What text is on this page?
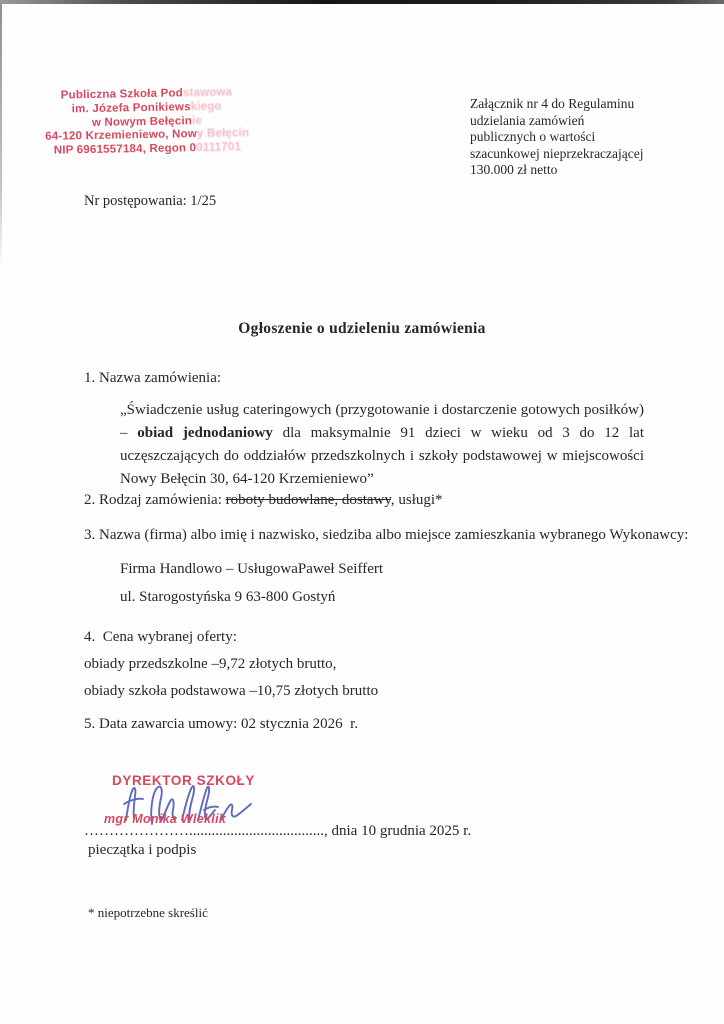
Publiczna Szkoła Podstawowa
im. Józefa Ponikiewskiego
w Nowym Bełęcinie
64-120 Krzemieniewo, Nowy Bełęcin
NIP 6961557184, Regon 00111701
Załącznik nr 4 do Regulaminu
udzielania zamówień
publicznych o wartości
szacunkowej nieprzekraczającej
130.000 zł netto
Nr postępowania: 1/25
Ogłoszenie o udzieleniu zamówienia
1. Nazwa zamówienia:
„Świadczenie usług cateringowych (przygotowanie i dostarczenie gotowych posiłków) – obiad jednodaniowy dla maksymalnie 91 dzieci w wieku od 3 do 12 lat uczęszczających do oddziałów przedszkolnych i szkoły podstawowej w miejscowości Nowy Bełęcin 30, 64-120 Krzemieniewo”
2. Rodzaj zamówienia: roboty budowlane, dostawy, usługi*
3. Nazwa (firma) albo imię i nazwisko, siedziba albo miejsce zamieszkania wybranego Wykonawcy:
Firma Handlowo – UsługowaPaweł Seiffert
ul. Starogostyńska 9 63-800 Gostyń
4.  Cena wybranej oferty:
obiady przedszkolne –9,72 złotych brutto,
obiady szkoła podstawowa –10,75 złotych brutto
5. Data zawarcia umowy: 02 stycznia 2026  r.
DYREKTOR SZKOŁY
mgr Monika Wleklik
…………………...................................., dnia 10 grudnia 2025 r.
pieczątka i podpis
* niepotrzebne skreślić
